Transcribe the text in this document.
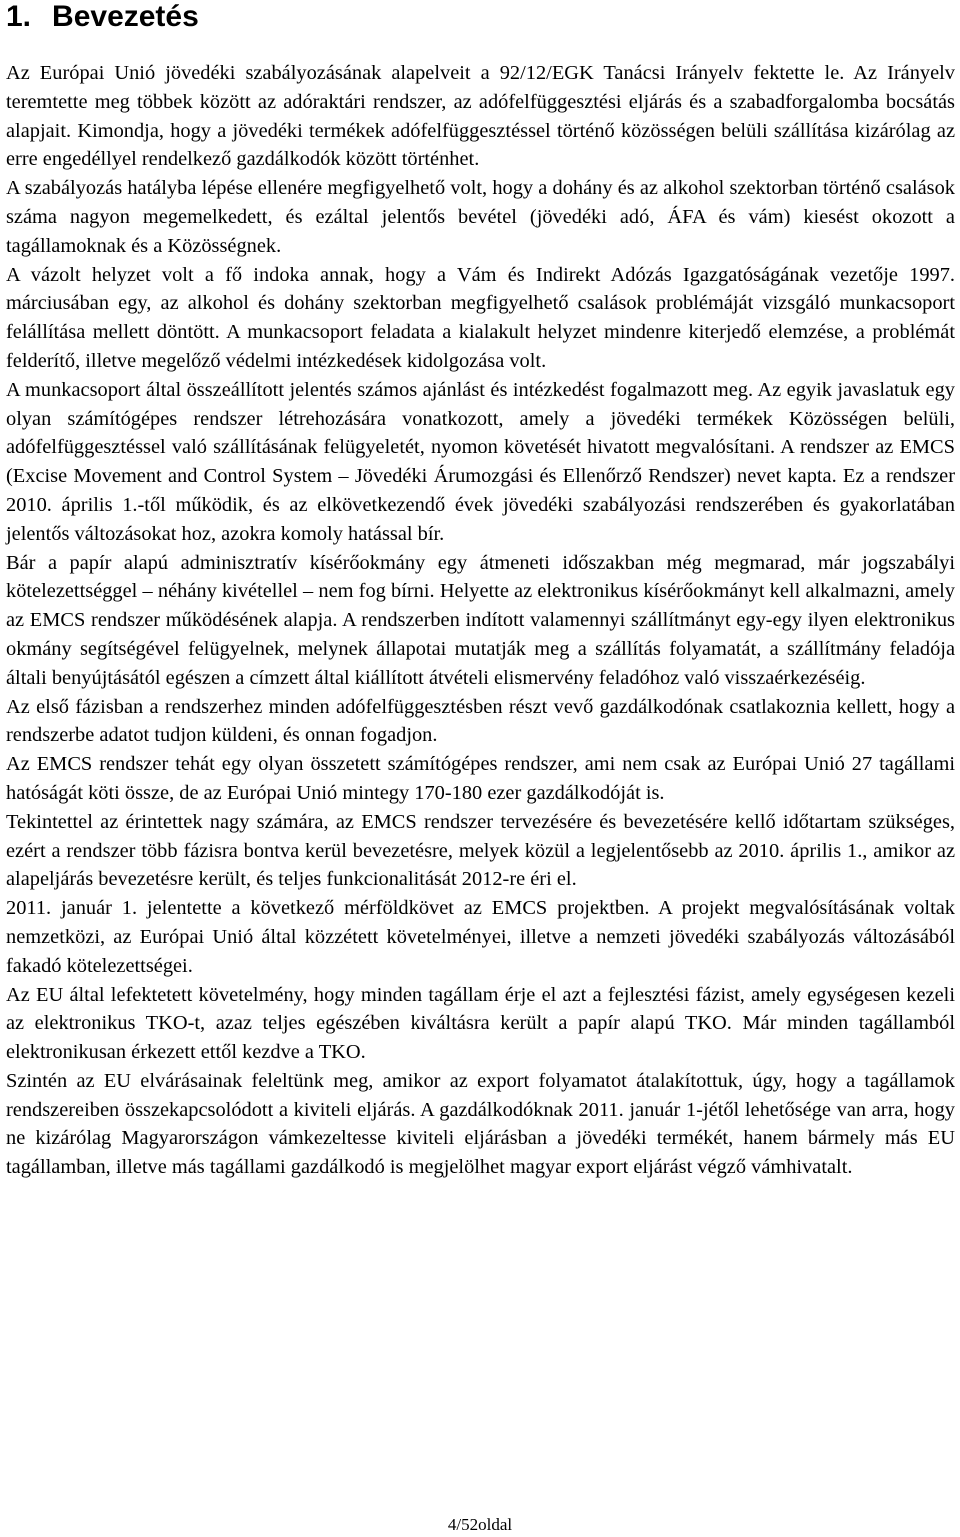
1. Bevezetés

Az Európai Unió jövedéki szabályozásának alapelveit a 92/12/EGK Tanácsi Irányelv fektette le. Az Irányelv teremtette meg többek között az adóraktári rendszer, az adófelfüggesztési eljárás és a szabadforgalomba bocsátás alapjait. Kimondja, hogy a jövedéki termékek adófelfüggesztéssel történő közösségen belüli szállítása kizárólag az erre engedéllyel rendelkező gazdálkodók között történhet.

A szabályozás hatályba lépése ellenére megfigyelhető volt, hogy a dohány és az alkohol szektorban történő csalások száma nagyon megemelkedett, és ezáltal jelentős bevétel (jövedéki adó, ÁFA és vám) kiesést okozott a tagállamoknak és a Közösségnek.

A vázolt helyzet volt a fő indoka annak, hogy a Vám és Indirekt Adózás Igazgatóságának vezetője 1997. márciusában egy, az alkohol és dohány szektorban megfigyelhető csalások problémáját vizsgáló munkacsoport felállítása mellett döntött. A munkacsoport feladata a kialakult helyzet mindenre kiterjedő elemzése, a problémát felderítő, illetve megelőző védelmi intézkedések kidolgozása volt.

A munkacsoport által összeállított jelentés számos ajánlást és intézkedést fogalmazott meg. Az egyik javaslatuk egy olyan számítógépes rendszer létrehozására vonatkozott, amely a jövedéki termékek Közösségen belüli, adófelfüggesztéssel való szállításának felügyeletét, nyomon követését hivatott megvalósítani. A rendszer az EMCS (Excise Movement and Control System – Jövedéki Árumozgási és Ellenőrző Rendszer) nevet kapta. Ez a rendszer 2010. április 1.-től működik, és az elkövetkezendő évek jövedéki szabályozási rendszerében és gyakorlatában jelentős változásokat hoz, azokra komoly hatással bír.

Bár a papír alapú adminisztratív kísérőokmány egy átmeneti időszakban még megmarad, már jogszabályi kötelezettséggel – néhány kivétellel – nem fog bírni. Helyette az elektronikus kísérőokmányt kell alkalmazni, amely az EMCS rendszer működésének alapja. A rendszerben indított valamennyi szállítmányt egy-egy ilyen elektronikus okmány segítségével felügyelnek, melynek állapotai mutatják meg a szállítás folyamatát, a szállítmány feladója általi benyújtásától egészen a címzett által kiállított átvételi elismervény feladóhoz való visszaérkezéséig.

Az első fázisban a rendszerhez minden adófelfüggesztésben részt vevő gazdálkodónak csatlakoznia kellett, hogy a rendszerbe adatot tudjon küldeni, és onnan fogadjon.

Az EMCS rendszer tehát egy olyan összetett számítógépes rendszer, ami nem csak az Európai Unió 27 tagállami hatóságát köti össze, de az Európai Unió mintegy 170-180 ezer gazdálkodóját is.

Tekintettel az érintettek nagy számára, az EMCS rendszer tervezésére és bevezetésére kellő időtartam szükséges, ezért a rendszer több fázisra bontva kerül bevezetésre, melyek közül a legjelentősebb az 2010. április 1., amikor az alapeljárás bevezetésre került, és teljes funkcionalitását 2012-re éri el.

2011. január 1. jelentette a következő mérföldkövet az EMCS projektben. A projekt megvalósításának voltak nemzetközi, az Európai Unió által közzétett követelményei, illetve a nemzeti jövedéki szabályozás változásából fakadó kötelezettségei.

Az EU által lefektetett követelmény, hogy minden tagállam érje el azt a fejlesztési fázist, amely egységesen kezeli az elektronikus TKO-t, azaz teljes egészében kiváltásra került a papír alapú TKO. Már minden tagállamból elektronikusan érkezett ettől kezdve a TKO.

Szintén az EU elvárásainak feleltünk meg, amikor az export folyamatot átalakítottuk, úgy, hogy a tagállamok rendszereiben összekapcsolódott a kiviteli eljárás. A gazdálkodóknak 2011. január 1-jétől lehetősége van arra, hogy ne kizárólag Magyarországon vámkezeltesse kiviteli eljárásban a jövedéki termékét, hanem bármely más EU tagállamban, illetve más tagállami gazdálkodó is megjelölhet magyar export eljárást végző vámhivatalt.

4/52oldal
